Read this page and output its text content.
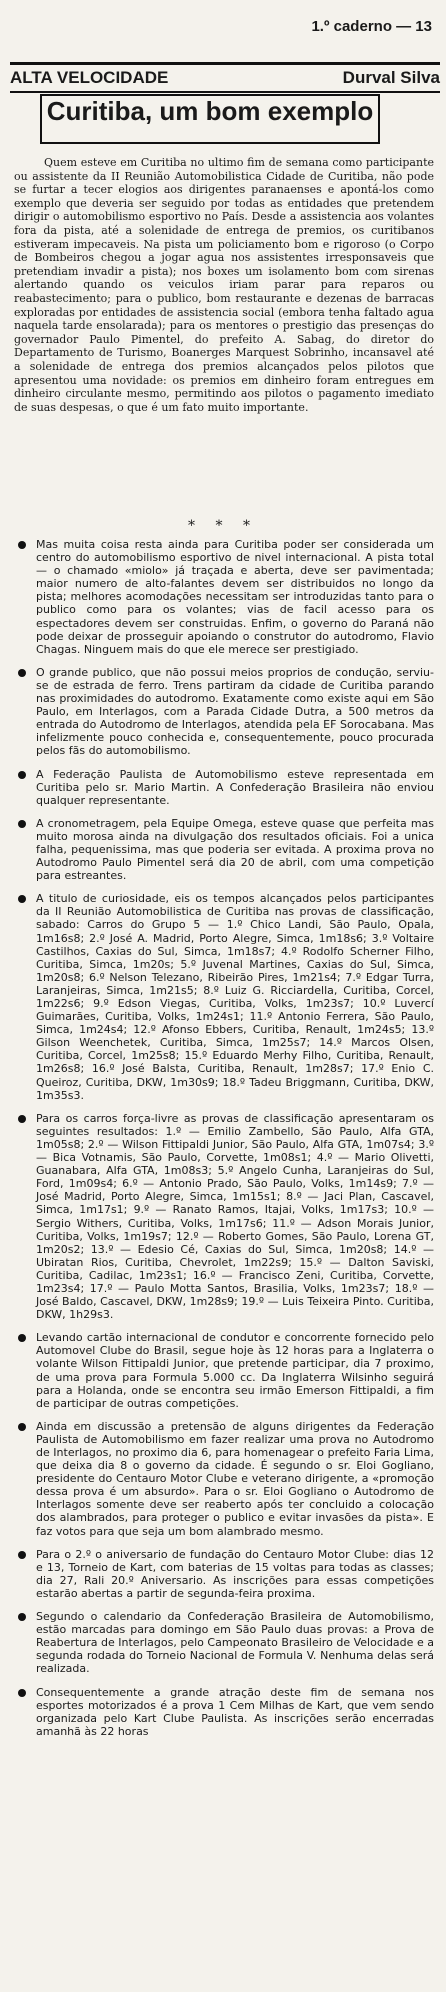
1.º caderno — 13
ALTA VELOCIDADE	Durval Silva
Curitiba, um bom exemplo
Quem esteve em Curitiba no ultimo fim de semana como participante ou assistente da II Reunião Automobilistica Cidade de Curitiba, não pode se furtar a tecer elogios aos dirigentes paranaenses e apontá-los como exemplo que deveria ser seguido por todas as entidades que pretendem dirigir o automobilismo esportivo no País. Desde a assistencia aos volantes fora da pista, até a solenidade de entrega de premios, os curitibanos estiveram impecaveis. Na pista um policiamento bom e rigoroso (o Corpo de Bombeiros chegou a jogar agua nos assistentes irresponsaveis que pretendiam invadir a pista); nos boxes um isolamento bom com sirenas alertando quando os veiculos iriam parar para reparos ou reabastecimento; para o publico, bom restaurante e dezenas de barracas exploradas por entidades de assistencia social (embora tenha faltado agua naquela tarde ensolarada); para os mentores o prestigio das presenças do governador Paulo Pimentel, do prefeito A. Sabag, do diretor do Departamento de Turismo, Boanerges Marquest Sobrinho, incansavel até a solenidade de entrega dos premios alcançados pelos pilotos que apresentou uma novidade: os premios em dinheiro foram entregues em dinheiro circulante mesmo, permitindo aos pilotos o pagamento imediato de suas despesas, o que é um fato muito importante.
* * *
Mas muita coisa resta ainda para Curitiba poder ser considerada um centro do automobilismo esportivo de nivel internacional. A pista total — o chamado «miolo» já traçada e aberta, deve ser pavimentada; maior numero de alto-falantes devem ser distribuidos no longo da pista; melhores acomodações necessitam ser introduzidas tanto para o publico como para os volantes; vias de facil acesso para os espectadores devem ser construidas. Enfim, o governo do Paraná não pode deixar de prosseguir apoiando o construtor do autodromo, Flavio Chagas. Ninguem mais do que ele merece ser prestigiado.
O grande publico, que não possui meios proprios de condução, serviu-se de estrada de ferro. Trens partiram da cidade de Curitiba parando nas proximidades do autodromo. Exatamente como existe aqui em São Paulo, em Interlagos, com a Parada Cidade Dutra, a 500 metros da entrada do Autodromo de Interlagos, atendida pela EF Sorocabana. Mas infelizmente pouco conhecida e, consequentemente, pouco procurada pelos fãs do automobilismo.
A Federação Paulista de Automobilismo esteve representada em Curitiba pelo sr. Mario Martin. A Confederação Brasileira não enviou qualquer representante.
A cronometragem, pela Equipe Omega, esteve quase que perfeita mas muito morosa ainda na divulgação dos resultados oficiais. Foi a unica falha, pequenissima, mas que poderia ser evitada. A proxima prova no Autodromo Paulo Pimentel será dia 20 de abril, com uma competição para estreantes.
A titulo de curiosidade, eis os tempos alcançados pelos participantes da II Reunião Automobilistica de Curitiba nas provas de classificação, sabado: Carros do Grupo 5 — 1.º Chico Landi, São Paulo, Opala, 1m16s8; 2.º José A. Madrid, Porto Alegre, Simca, 1m18s6; 3.º Voltaire Castilhos, Caxias do Sul, Simca, 1m18s7; 4.º Rodolfo Scherner Filho, Curitiba, Simca, 1m20s; 5.º Juvenal Martines, Caxias do Sul, Simca, 1m20s8; 6.º Nelson Telezano, Ribeirão Pires, 1m21s4; 7.º Edgar Turra, Laranjeiras, Simca, 1m21s5; 8.º Luiz G. Ricciardella, Curitiba, Corcel, 1m22s6; 9.º Edson Viegas, Curitiba, Volks, 1m23s7; 10.º Luvercí Guimarães, Curitiba, Volks, 1m24s1; 11.º Antonio Ferrera, São Paulo, Simca, 1m24s4; 12.º Afonso Ebbers, Curitiba, Renault, 1m24s5; 13.º Gilson Weenchetek, Curitiba, Simca, 1m25s7; 14.º Marcos Olsen, Curitiba, Corcel, 1m25s8; 15.º Eduardo Merhy Filho, Curitiba, Renault, 1m26s8; 16.º José Balsta, Curitiba, Renault, 1m28s7; 17.º Enio C. Queiroz, Curitiba, DKW, 1m30s9; 18.º Tadeu Briggmann, Curitiba, DKW, 1m35s3.
Para os carros força-livre as provas de classificação apresentaram os seguintes resultados: 1.º — Emilio Zambello, São Paulo, Alfa GTA, 1m05s8; 2.º — Wilson Fittipaldi Junior, São Paulo, Alfa GTA, 1m07s4; 3.º — Bica Votnamis, São Paulo, Corvette, 1m08s1; 4.º — Mario Olivetti, Guanabara, Alfa GTA, 1m08s3; 5.º Angelo Cunha, Laranjeiras do Sul, Ford, 1m09s4; 6.º — Antonio Prado, São Paulo, Volks, 1m14s9; 7.º — José Madrid, Porto Alegre, Simca, 1m15s1; 8.º — Jaci Plan, Cascavel, Simca, 1m17s1; 9.º — Ranato Ramos, Itajai, Volks, 1m17s3; 10.º — Sergio Withers, Curitiba, Volks, 1m17s6; 11.º — Adson Morais Junior, Curitiba, Volks, 1m19s7; 12.º — Roberto Gomes, São Paulo, Lorena GT, 1m20s2; 13.º — Edesio Cé, Caxias do Sul, Simca, 1m20s8; 14.º — Ubiratan Rios, Curitiba, Chevrolet, 1m22s9; 15.º — Dalton Saviski, Curitiba, Cadilac, 1m23s1; 16.º — Francisco Zeni, Curitiba, Corvette, 1m23s4; 17.º — Paulo Motta Santos, Brasilia, Volks, 1m23s7; 18.º — José Baldo, Cascavel, DKW, 1m28s9; 19.º — Luis Teixeira Pinto. Curitiba, DKW, 1h29s3.
Levando cartão internacional de condutor e concorrente fornecido pelo Automovel Clube do Brasil, segue hoje às 12 horas para a Inglaterra o volante Wilson Fittipaldi Junior, que pretende participar, dia 7 proximo, de uma prova para Formula 5.000 cc. Da Inglaterra Wilsinho seguirá para a Holanda, onde se encontra seu irmão Emerson Fittipaldi, a fim de participar de outras competições.
Ainda em discussão a pretensão de alguns dirigentes da Federação Paulista de Automobilismo em fazer realizar uma prova no Autodromo de Interlagos, no proximo dia 6, para homenagear o prefeito Faria Lima, que deixa dia 8 o governo da cidade. É segundo o sr. Eloi Gogliano, presidente do Centauro Motor Clube e veterano dirigente, a «promoção dessa prova é um absurdo». Para o sr. Eloi Gogliano o Autodromo de Interlagos somente deve ser reaberto após ter concluido a colocação dos alambrados, para proteger o publico e evitar invasões da pista». E faz votos para que seja um bom alambrado mesmo.
Para o 2.º o aniversario de fundação do Centauro Motor Clube: dias 12 e 13, Torneio de Kart, com baterias de 15 voltas para todas as classes; dia 27, Rali 20.º Aniversario. As inscrições para essas competições estarão abertas a partir de segunda-feira proxima.
Segundo o calendario da Confederação Brasileira de Automobilismo, estão marcadas para domingo em São Paulo duas provas: a Prova de Reabertura de Interlagos, pelo Campeonato Brasileiro de Velocidade e a segunda rodada do Torneio Nacional de Formula V. Nenhuma delas será realizada.
Consequentemente a grande atração deste fim de semana nos esportes motorizados é a prova 1 Cem Milhas de Kart, que vem sendo organizada pelo Kart Clube Paulista. As inscrições serão encerradas amanhã às 22 horas
